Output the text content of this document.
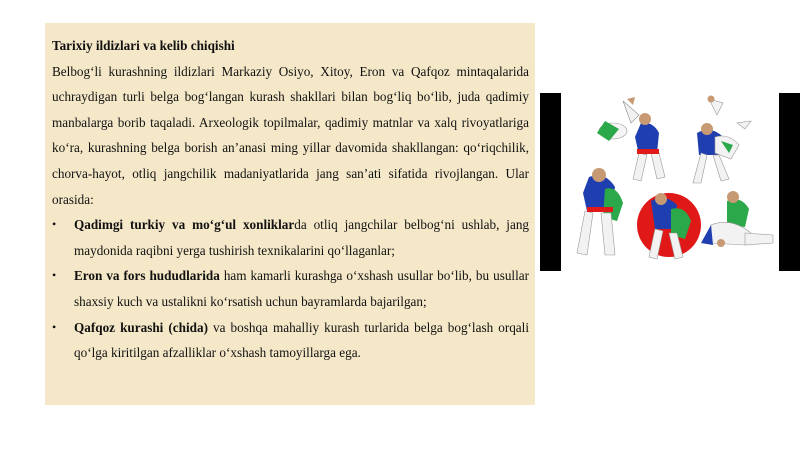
Tarixiy ildizlari va kelib chiqishi

Belbog‘li kurashning ildizlari Markaziy Osiyo, Xitoy, Eron va Qafqoz mintaqalarida uchraydigan turli belga bog‘langan kurash shakllari bilan bog‘liq bo‘lib, juda qadimiy manbalarga borib taqaladi. Arxeologik topilmalar, qadimiy matnlar va xalq rivoyatlariga ko‘ra, kurashning belga borish an’anasi ming yillar davomida shakllangan: qo‘riqchilik, chorva-hayot, otliq jangchilik madaniyatlarida jang san’ati sifatida rivojlangan. Ular orasida:

• Qadimgi turkiy va mo‘g‘ul xonliklarda otliq jangchilar belbog‘ni ushlab, jang maydonida raqibni yerga tushirish texnikalarini qo‘llaganlar;
• Eron va fors hududlarida ham kamarli kurashga o‘xshash usullar bo‘lib, bu usullar shaxsiy kuch va ustalikni ko‘rsatish uchun bayramlarda bajarilgan;
• Qafqoz kurashi (chida) va boshqa mahalliy kurash turlarida belga bog‘lash orqali qo‘lga kiritilgan afzalliklar o‘xshash tamoyillarga ega.
